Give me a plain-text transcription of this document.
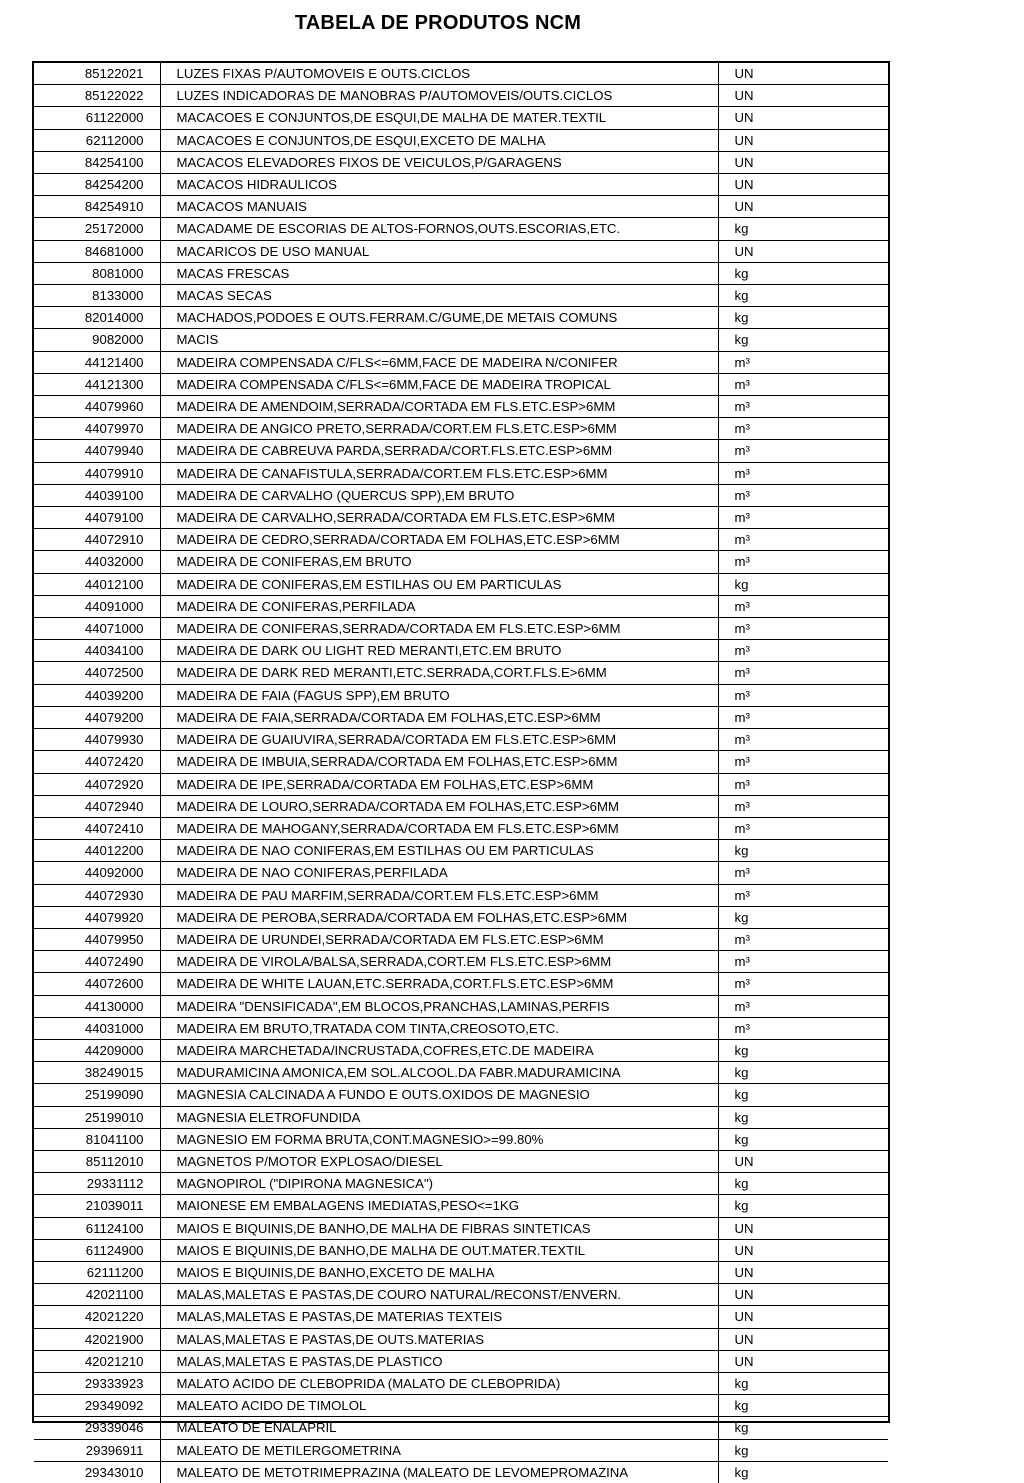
TABELA DE PRODUTOS NCM
85122021	LUZES FIXAS P/AUTOMOVEIS E OUTS.CICLOS	UN
85122022	LUZES INDICADORAS DE MANOBRAS P/AUTOMOVEIS/OUTS.CICLOS	UN
61122000	MACACOES E CONJUNTOS,DE ESQUI,DE MALHA DE MATER.TEXTIL	UN
62112000	MACACOES E CONJUNTOS,DE ESQUI,EXCETO DE MALHA	UN
84254100	MACACOS ELEVADORES FIXOS DE VEICULOS,P/GARAGENS	UN
84254200	MACACOS HIDRAULICOS	UN
84254910	MACACOS MANUAIS	UN
25172000	MACADAME DE ESCORIAS DE ALTOS-FORNOS,OUTS.ESCORIAS,ETC.	kg
84681000	MACARICOS DE USO MANUAL	UN
8081000	MACAS FRESCAS	kg
8133000	MACAS SECAS	kg
82014000	MACHADOS,PODOES E OUTS.FERRAM.C/GUME,DE METAIS COMUNS	kg
9082000	MACIS	kg
44121400	MADEIRA COMPENSADA C/FLS<=6MM,FACE DE MADEIRA N/CONIFER	m³
44121300	MADEIRA COMPENSADA C/FLS<=6MM,FACE DE MADEIRA TROPICAL	m³
44079960	MADEIRA DE AMENDOIM,SERRADA/CORTADA EM FLS.ETC.ESP>6MM	m³
44079970	MADEIRA DE ANGICO PRETO,SERRADA/CORT.EM FLS.ETC.ESP>6MM	m³
44079940	MADEIRA DE CABREUVA PARDA,SERRADA/CORT.FLS.ETC.ESP>6MM	m³
44079910	MADEIRA DE CANAFISTULA,SERRADA/CORT.EM FLS.ETC.ESP>6MM	m³
44039100	MADEIRA DE CARVALHO (QUERCUS SPP),EM BRUTO	m³
44079100	MADEIRA DE CARVALHO,SERRADA/CORTADA EM FLS.ETC.ESP>6MM	m³
44072910	MADEIRA DE CEDRO,SERRADA/CORTADA EM FOLHAS,ETC.ESP>6MM	m³
44032000	MADEIRA DE CONIFERAS,EM BRUTO	m³
44012100	MADEIRA DE CONIFERAS,EM ESTILHAS OU EM PARTICULAS	kg
44091000	MADEIRA DE CONIFERAS,PERFILADA	m³
44071000	MADEIRA DE CONIFERAS,SERRADA/CORTADA EM FLS.ETC.ESP>6MM	m³
44034100	MADEIRA DE DARK OU LIGHT RED MERANTI,ETC.EM BRUTO	m³
44072500	MADEIRA DE DARK RED MERANTI,ETC.SERRADA,CORT.FLS.E>6MM	m³
44039200	MADEIRA DE FAIA (FAGUS SPP),EM BRUTO	m³
44079200	MADEIRA DE FAIA,SERRADA/CORTADA EM FOLHAS,ETC.ESP>6MM	m³
44079930	MADEIRA DE GUAIUVIRA,SERRADA/CORTADA EM FLS.ETC.ESP>6MM	m³
44072420	MADEIRA DE IMBUIA,SERRADA/CORTADA EM FOLHAS,ETC.ESP>6MM	m³
44072920	MADEIRA DE IPE,SERRADA/CORTADA EM FOLHAS,ETC.ESP>6MM	m³
44072940	MADEIRA DE LOURO,SERRADA/CORTADA EM FOLHAS,ETC.ESP>6MM	m³
44072410	MADEIRA DE MAHOGANY,SERRADA/CORTADA EM FLS.ETC.ESP>6MM	m³
44012200	MADEIRA DE NAO CONIFERAS,EM ESTILHAS OU EM PARTICULAS	kg
44092000	MADEIRA DE NAO CONIFERAS,PERFILADA	m³
44072930	MADEIRA DE PAU MARFIM,SERRADA/CORT.EM FLS.ETC.ESP>6MM	m³
44079920	MADEIRA DE PEROBA,SERRADA/CORTADA EM FOLHAS,ETC.ESP>6MM	kg
44079950	MADEIRA DE URUNDEI,SERRADA/CORTADA EM FLS.ETC.ESP>6MM	m³
44072490	MADEIRA DE VIROLA/BALSA,SERRADA,CORT.EM FLS.ETC.ESP>6MM	m³
44072600	MADEIRA DE WHITE LAUAN,ETC.SERRADA,CORT.FLS.ETC.ESP>6MM	m³
44130000	MADEIRA "DENSIFICADA",EM BLOCOS,PRANCHAS,LAMINAS,PERFIS	m³
44031000	MADEIRA EM BRUTO,TRATADA COM TINTA,CREOSOTO,ETC.	m³
44209000	MADEIRA MARCHETADA/INCRUSTADA,COFRES,ETC.DE MADEIRA	kg
38249015	MADURAMICINA AMONICA,EM SOL.ALCOOL.DA FABR.MADURAMICINA	kg
25199090	MAGNESIA CALCINADA A FUNDO E OUTS.OXIDOS DE MAGNESIO	kg
25199010	MAGNESIA ELETROFUNDIDA	kg
81041100	MAGNESIO EM FORMA BRUTA,CONT.MAGNESIO>=99.80%	kg
85112010	MAGNETOS P/MOTOR EXPLOSAO/DIESEL	UN
29331112	MAGNOPIROL ("DIPIRONA MAGNESICA")	kg
21039011	MAIONESE EM EMBALAGENS IMEDIATAS,PESO<=1KG	kg
61124100	MAIOS E BIQUINIS,DE BANHO,DE MALHA DE FIBRAS SINTETICAS	UN
61124900	MAIOS E BIQUINIS,DE BANHO,DE MALHA DE OUT.MATER.TEXTIL	UN
62111200	MAIOS E BIQUINIS,DE BANHO,EXCETO DE MALHA	UN
42021100	MALAS,MALETAS E PASTAS,DE COURO NATURAL/RECONST/ENVERN.	UN
42021220	MALAS,MALETAS E PASTAS,DE MATERIAS TEXTEIS	UN
42021900	MALAS,MALETAS E PASTAS,DE OUTS.MATERIAS	UN
42021210	MALAS,MALETAS E PASTAS,DE PLASTICO	UN
29333923	MALATO ACIDO DE CLEBOPRIDA (MALATO DE CLEBOPRIDA)	kg
29349092	MALEATO ACIDO DE TIMOLOL	kg
29339046	MALEATO DE ENALAPRIL	kg
29396911	MALEATO DE METILERGOMETRINA	kg
29343010	MALEATO DE METOTRIMEPRAZINA (MALEATO DE LEVOMEPROMAZINA	kg
